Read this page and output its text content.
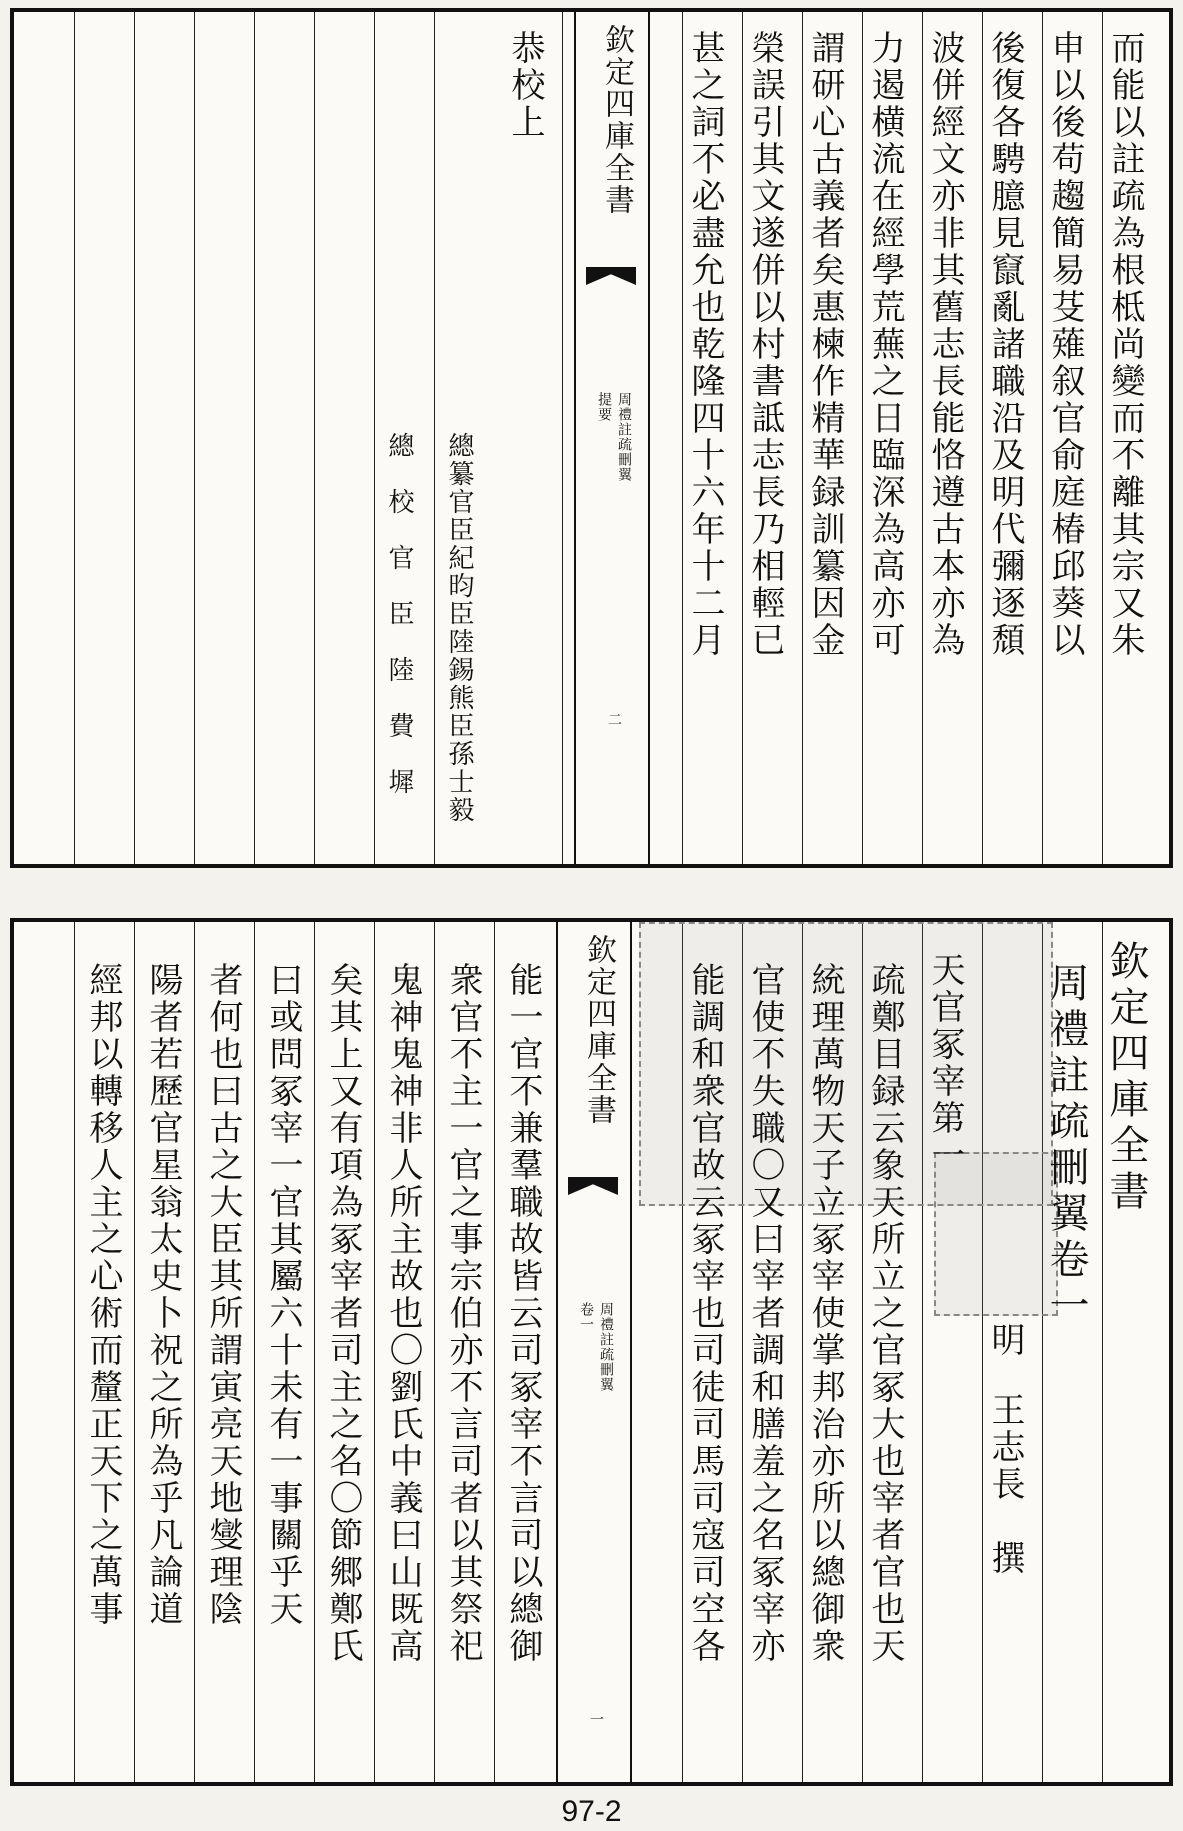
而能以註疏為根柢尚變而不離其宗又朱
申以後苟趨簡易芟薙叙官俞庭椿邱葵以
後復各騁臆見竄亂諸職沿及明代彌逐頹
波併經文亦非其舊志長能恪遵古本亦為
力遏横流在經學荒蕪之日臨深為高亦可
謂研心古義者矣惠楝作精華録訓纂因金
榮誤引其文遂併以村書詆志長乃相輕已
甚之詞不必盡允也乾隆四十六年十二月
欽定四庫全書
周禮註疏刪翼
提要
二
恭校上
總纂官臣紀昀臣陸錫熊臣孫士毅
總　校　官　臣　陸　費　墀
欽定四庫全書
周禮註疏刪翼卷一
明
王志長　撰
天官冢宰第一
疏鄭目録云象天所立之官冢大也宰者官也天
統理萬物天子立冢宰使掌邦治亦所以總御衆
官使不失職〇又曰宰者調和膳羞之名冢宰亦
能調和衆官故云冢宰也司徒司馬司寇司空各
欽定四庫全書
周禮註疏刪翼
卷一
一
能一官不兼羣職故皆云司冢宰不言司以總御
衆官不主一官之事宗伯亦不言司者以其祭祀
鬼神鬼神非人所主故也〇劉氏中義曰山既高
矣其上又有項為冢宰者司主之名〇節郷鄭氏
曰或問冢宰一官其屬六十未有一事關乎天
者何也曰古之大臣其所謂寅亮天地燮理陰
陽者若歷官星翁太史卜祝之所為乎凡論道
經邦以轉移人主之心術而釐正天下之萬事
97-2
